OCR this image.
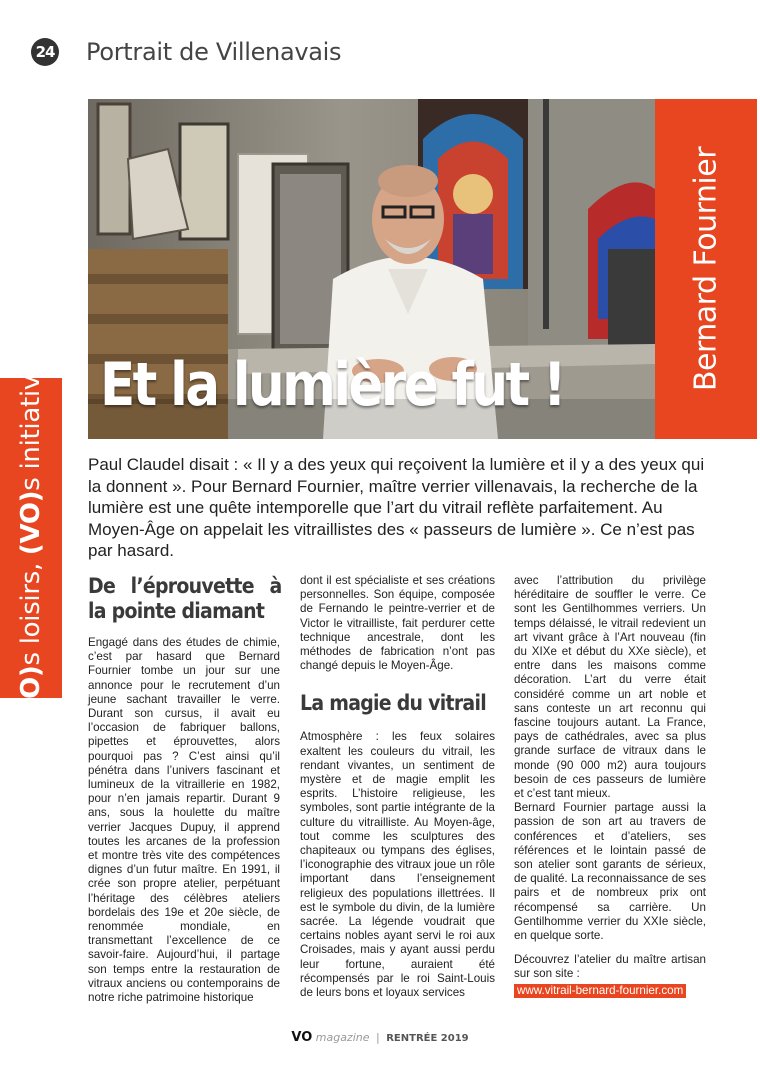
24 Portrait de Villenavais
(VO)s loisirs, (VO)s initiatives Et la lumière fut !	Bernard Fournier
Paul Claudel disait : « Il y a des yeux qui reçoivent la lumière et il y a des yeux qui la donnent ». Pour Bernard Fournier, maître verrier villenavais, la recherche de la lumière est une quête intemporelle que l’art du vitrail reflète parfaitement. Au Moyen-Âge on appelait les vitraillistes des « passeurs de lumière ». Ce n’est pas par hasard.
De l’éprouvette à la pointe diamant

Engagé dans des études de chimie, c’est par hasard que Bernard Fournier tombe un jour sur une annonce pour le recrutement d’un jeune sachant travailler le verre. Durant son cursus, il avait eu l’occasion de fabriquer ballons, pipettes et éprouvettes, alors pourquoi pas ? C’est ainsi qu’il pénétra dans l’univers fascinant et lumineux de la vitraillerie en 1982, pour n’en jamais repartir. Durant 9 ans, sous la houlette du maître verrier Jacques Dupuy, il apprend toutes les arcanes de la profession et montre très vite des compétences dignes d’un futur maître. En 1991, il crée son propre atelier, perpétuant l’héritage des célèbres ateliers bordelais des 19e et 20e siècle, de renommée mondiale, en transmettant l’excellence de ce savoir-faire. Aujourd’hui, il partage son temps entre la restauration de vitraux anciens ou contemporains de notre riche patrimoine historique

dont il est spécialiste et ses créations personnelles. Son équipe, composée de Fernando le peintre-verrier et de Victor le vitrailliste, fait perdurer cette technique ancestrale, dont les méthodes de fabrication n’ont pas changé depuis le Moyen-Âge.

La magie du vitrail

Atmosphère : les feux solaires exaltent les couleurs du vitrail, les rendant vivantes, un sentiment de mystère et de magie emplit les esprits. L’histoire religieuse, les symboles, sont partie intégrante de la culture du vitrailliste. Au Moyen-âge, tout comme les sculptures des chapiteaux ou tympans des églises, l’iconographie des vitraux joue un rôle important dans l’enseignement religieux des populations illettrées. Il est le symbole du divin, de la lumière sacrée. La légende voudrait que certains nobles ayant servi le roi aux Croisades, mais y ayant aussi perdu leur fortune, auraient été récompensés par le roi Saint-Louis de leurs bons et loyaux services

avec l’attribution du privilège héréditaire de souffler le verre. Ce sont les Gentilhommes verriers. Un temps délaissé, le vitrail redevient un art vivant grâce à l’Art nouveau (fin du XIXe et début du XXe siècle), et entre dans les maisons comme décoration. L’art du verre était considéré comme un art noble et sans conteste un art reconnu qui fascine toujours autant. La France, pays de cathédrales, avec sa plus grande surface de vitraux dans le monde (90 000 m2) aura toujours besoin de ces passeurs de lumière et c’est tant mieux.

Bernard Fournier partage aussi la passion de son art au travers de conférences et d’ateliers, ses références et le lointain passé de son atelier sont garants de sérieux, de qualité. La reconnaissance de ses pairs et de nombreux prix ont récompensé sa carrière. Un Gentilhomme verrier du XXIe siècle, en quelque sorte.

Découvrez l’atelier du maître artisan sur son site :

www.vitrail-bernard-fournier.com
VO magazine | RENTRÉE 2019
